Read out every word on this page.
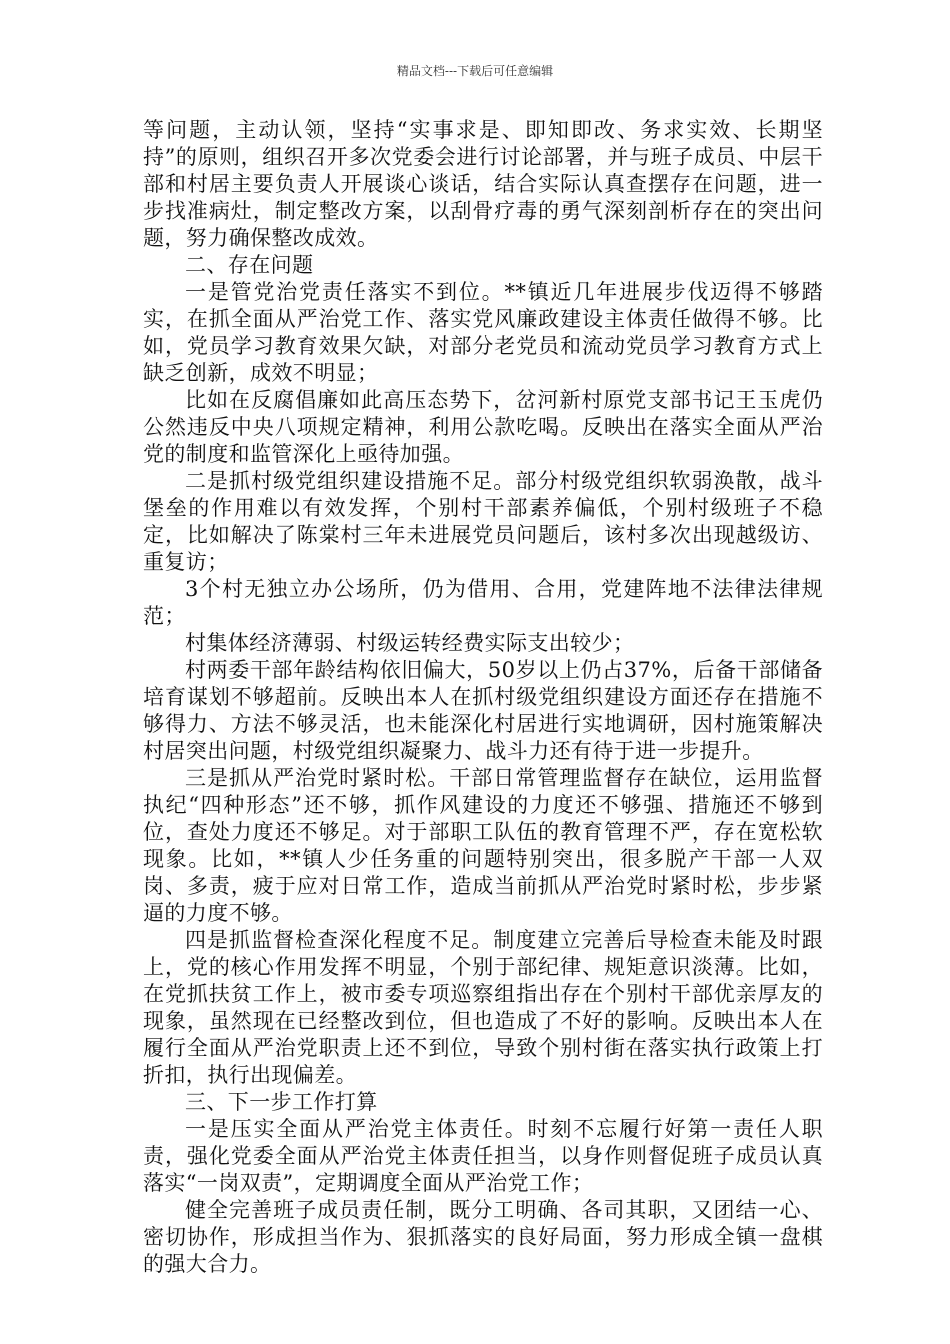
精品文档---下载后可任意编辑

等问题，主动认领，坚持“实事求是、即知即改、务求实效、长期坚持”的原则，组织召开多次党委会进行讨论部署，并与班子成员、中层干部和村居主要负责人开展谈心谈话，结合实际认真查摆存在问题，进一步找准病灶，制定整改方案，以刮骨疗毒的勇气深刻剖析存在的突出问题，努力确保整改成效。

二、存在问题

一是管党治党责任落实不到位。**镇近几年进展步伐迈得不够踏实，在抓全面从严治党工作、落实党风廉政建设主体责任做得不够。比如，党员学习教育效果欠缺，对部分老党员和流动党员学习教育方式上缺乏创新，成效不明显；

比如在反腐倡廉如此高压态势下，岔河新村原党支部书记王玉虎仍公然违反中央八项规定精神，利用公款吃喝。反映出在落实全面从严治党的制度和监管深化上亟待加强。

二是抓村级党组织建设措施不足。部分村级党组织软弱涣散，战斗堡垒的作用难以有效发挥，个别村干部素养偏低，个别村级班子不稳定，比如解决了陈棠村三年未进展党员问题后，该村多次出现越级访、重复访；

3个村无独立办公场所，仍为借用、合用，党建阵地不法律法律规范；

村集体经济薄弱、村级运转经费实际支出较少；

村两委干部年龄结构依旧偏大，50岁以上仍占37%，后备干部储备培育谋划不够超前。反映出本人在抓村级党组织建设方面还存在措施不够得力、方法不够灵活，也未能深化村居进行实地调研，因村施策解决村居突出问题，村级党组织凝聚力、战斗力还有待于进一步提升。

三是抓从严治党时紧时松。干部日常管理监督存在缺位，运用监督执纪“四种形态”还不够，抓作风建设的力度还不够强、措施还不够到位，查处力度还不够足。对于部职工队伍的教育管理不严，存在宽松软现象。比如，**镇人少任务重的问题特别突出，很多脱产干部一人双岗、多责，疲于应对日常工作，造成当前抓从严治党时紧时松，步步紧逼的力度不够。

四是抓监督检查深化程度不足。制度建立完善后导检查未能及时跟上，党的核心作用发挥不明显，个别于部纪律、规矩意识淡薄。比如，在党抓扶贫工作上，被市委专项巡察组指出存在个别村干部优亲厚友的现象，虽然现在已经整改到位，但也造成了不好的影响。反映出本人在履行全面从严治党职责上还不到位，导致个别村街在落实执行政策上打折扣，执行出现偏差。

三、下一步工作打算

一是压实全面从严治党主体责任。时刻不忘履行好第一责任人职责，强化党委全面从严治党主体责任担当，以身作则督促班子成员认真落实“一岗双责”，定期调度全面从严治党工作；

健全完善班子成员责任制，既分工明确、各司其职，又团结一心、密切协作，形成担当作为、狠抓落实的良好局面，努力形成全镇一盘棋的强大合力。
